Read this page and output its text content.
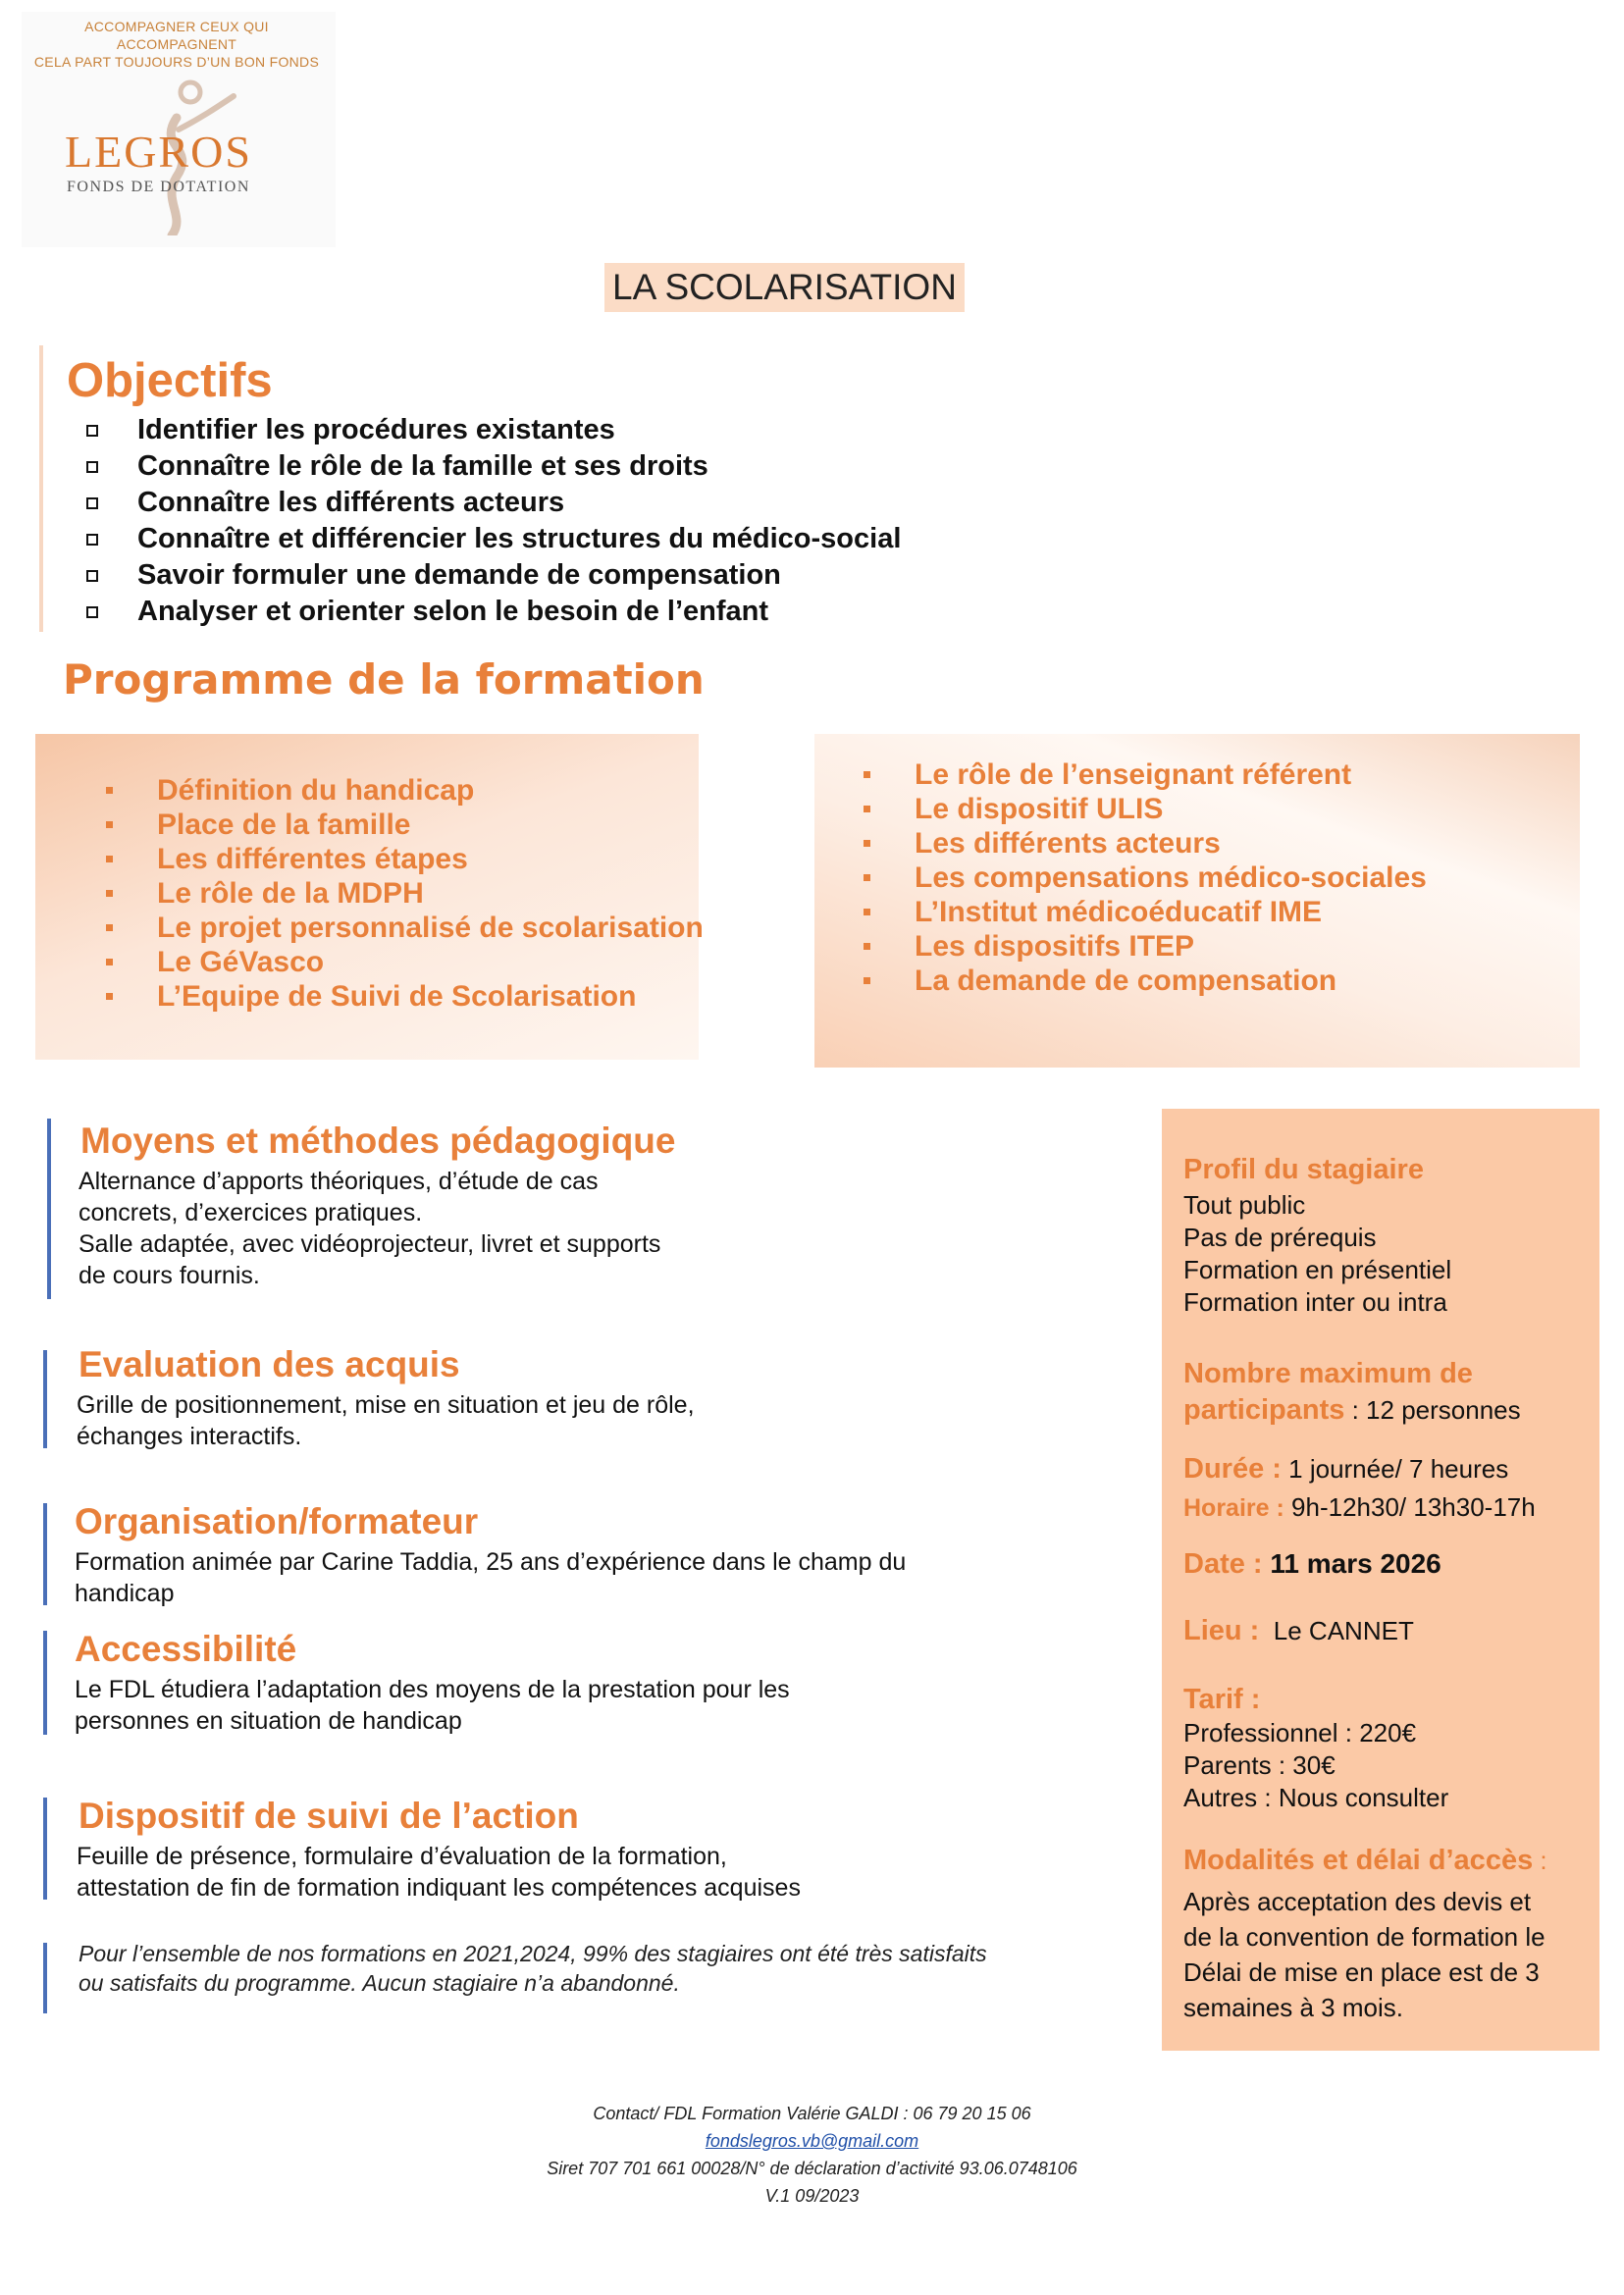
ACCOMPAGNER CEUX QUI ACCOMPAGNENT
CELA PART TOUJOURS D’UN BON FONDS
LEGROS
FONDS DE DOTATION
LA SCOLARISATION
Objectifs
Identifier les procédures existantes
Connaître le rôle de la famille et ses droits
Connaître les différents acteurs
Connaître et différencier les structures du médico-social
Savoir formuler une demande de compensation
Analyser et orienter selon le besoin de l’enfant
Programme de la formation
Définition du handicap
Place de la famille
Les différentes étapes
Le rôle de la MDPH
Le projet personnalisé de scolarisation
Le GéVasco
L’Equipe de Suivi de Scolarisation
Le rôle de l’enseignant référent
Le dispositif ULIS
Les différents acteurs
Les compensations médico-sociales
L’Institut médicoéducatif IME
Les dispositifs ITEP
La demande de compensation
Moyens et méthodes pédagogique
Alternance d’apports théoriques, d’étude de cas
concrets, d’exercices pratiques.
Salle adaptée, avec vidéoprojecteur, livret et supports
de cours fournis.
Evaluation des acquis
Grille de positionnement, mise en situation et jeu de rôle,
échanges interactifs.
Organisation/formateur
Formation animée par Carine Taddia, 25 ans d’expérience dans le champ du
handicap
Accessibilité
Le FDL étudiera l’adaptation des moyens de la prestation pour les
personnes en situation de handicap
Dispositif de suivi de l’action
Feuille de présence, formulaire d’évaluation de la formation,
attestation de fin de formation indiquant les compétences acquises
Pour l’ensemble de nos formations en 2021,2024, 99% des stagiaires ont été très satisfaits
ou satisfaits du programme. Aucun stagiaire n’a abandonné.
Profil du stagiaire
Tout public
Pas de prérequis
Formation en présentiel
Formation inter ou intra
Nombre maximum de
participants : 12 personnes
Durée : 1 journée/ 7 heures
Horaire : 9h-12h30/ 13h30-17h
Date : 11 mars 2026
Lieu :  Le CANNET
Tarif :
Professionnel : 220€
Parents : 30€
Autres : Nous consulter
Modalités et délai d’accès :
Après acceptation des devis et
de la convention de formation le
Délai de mise en place est de 3
semaines à 3 mois.
Contact/ FDL Formation Valérie GALDI : 06 79 20 15 06
fondslegros.vb@gmail.com
Siret 707 701 661 00028/N° de déclaration d’activité 93.06.0748106
V.1 09/2023
